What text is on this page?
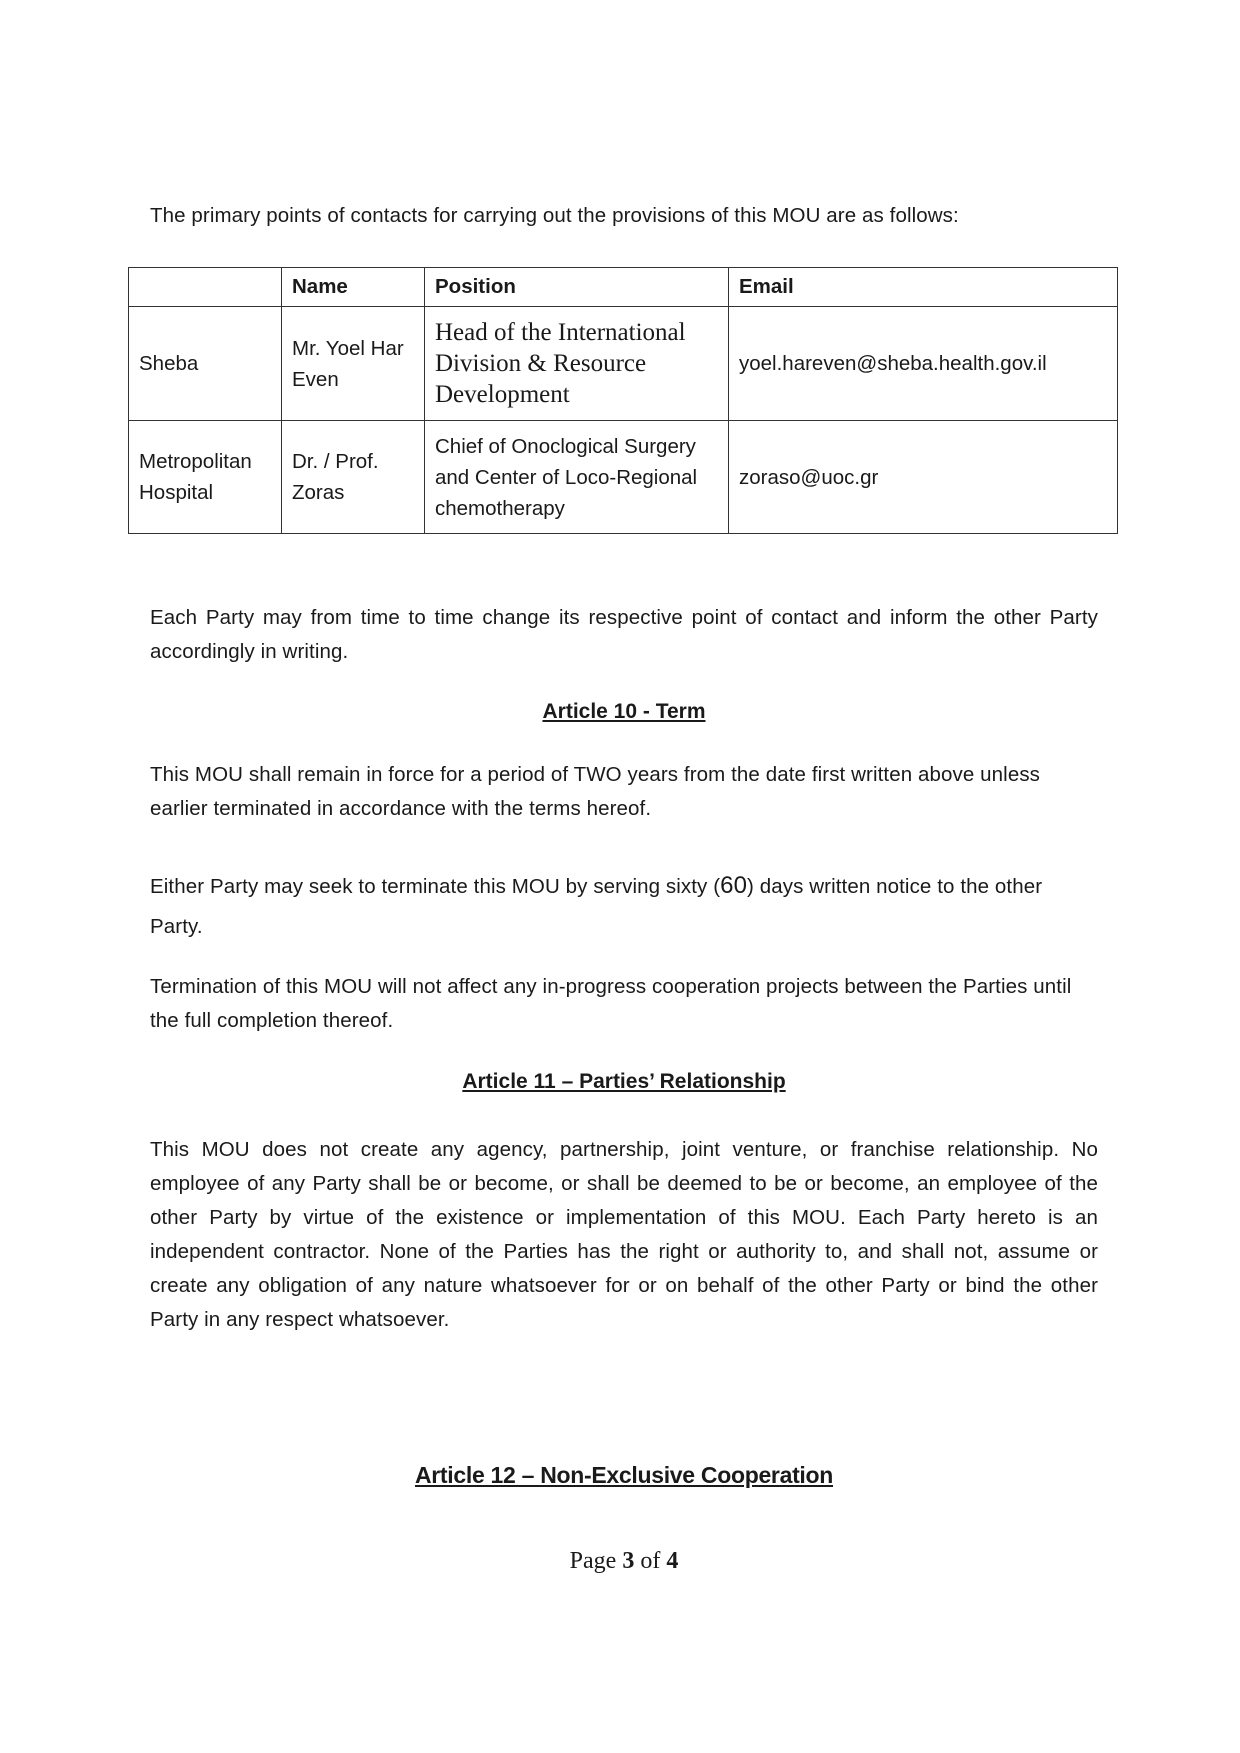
The primary points of contacts for carrying out the provisions of this MOU are as follows:
	Name	Position	Email
Sheba	Mr. Yoel Har Even	Head of the International Division & Resource Development	yoel.hareven@sheba.health.gov.il
Metropolitan Hospital	Dr. / Prof. Zoras	Chief of Onoclogical Surgery and Center of Loco-Regional chemotherapy	zoraso@uoc.gr
Each Party may from time to time change its respective point of contact and inform the other Party accordingly in writing.
Article 10 - Term
This MOU shall remain in force for a period of TWO years from the date first written above unless earlier terminated in accordance with the terms hereof.
Either Party may seek to terminate this MOU by serving sixty (60) days written notice to the other Party.
Termination of this MOU will not affect any in-progress cooperation projects between the Parties until the full completion thereof.
Article 11 – Parties’ Relationship
This MOU does not create any agency, partnership, joint venture, or franchise relationship. No employee of any Party shall be or become, or shall be deemed to be or become, an employee of the other Party by virtue of the existence or implementation of this MOU. Each Party hereto is an independent contractor. None of the Parties has the right or authority to, and shall not, assume or create any obligation of any nature whatsoever for or on behalf of the other Party or bind the other Party in any respect whatsoever.
Article 12 – Non-Exclusive Cooperation
Page 3 of 4
